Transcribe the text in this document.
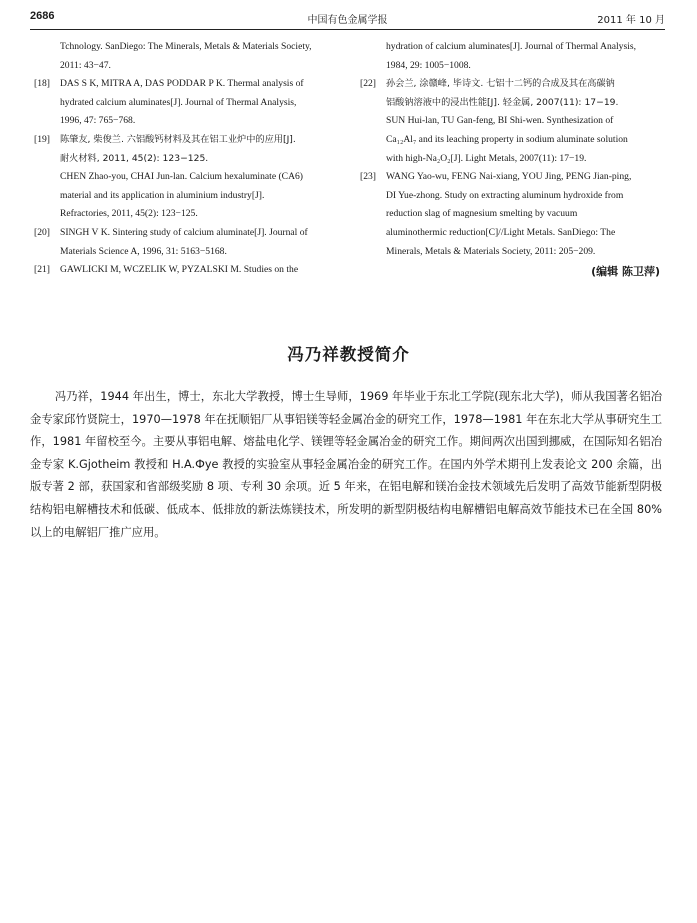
2686	中国有色金属学报	2011 年 10 月
Tchnology. SanDiego: The Minerals, Metals & Materials Society,
2011: 43−47.
[18] DAS S K, MITRA A, DAS PODDAR P K. Thermal analysis of
hydrated calcium aluminates[J]. Journal of Thermal Analysis,
1996, 47: 765−768.
[19] 陈肇友, 柴俊兰. 六铝酸钙材料及其在铝工业炉中的应用[J].
耐火材料, 2011, 45(2): 123−125.
CHEN Zhao-you, CHAI Jun-lan. Calcium hexaluminate (CA6)
material and its application in aluminium industry[J].
Refractories, 2011, 45(2): 123−125.
[20] SINGH V K. Sintering study of calcium aluminate[J]. Journal of
Materials Science A, 1996, 31: 5163−5168.
[21] GAWLICKI M, WCZELIK W, PYZALSKI M. Studies on the
hydration of calcium aluminates[J]. Journal of Thermal Analysis,
1984, 29: 1005−1008.
[22] 孙会兰, 涂赣峰, 毕诗文. 七铝十二钙的合成及其在高碳钠
铝酸钠溶液中的浸出性能[J]. 轻金属, 2007(11): 17−19.
SUN Hui-lan, TU Gan-feng, BI Shi-wen. Synthesization of
Ca₁₂Al₇ and its leaching property in sodium aluminate solution
with high-Na₂O₂[J]. Light Metals, 2007(11): 17−19.
[23] WANG Yao-wu, FENG Nai-xiang, YOU Jing, PENG Jian-ping,
DI Yue-zhong. Study on extracting aluminum hydroxide from
reduction slag of magnesium smelting by vacuum
aluminothermic reduction[C]//Light Metals. SanDiego: The
Minerals, Metals & Materials Society, 2011: 205−209.
(编辑 陈卫萍)
冯乃祥教授简介

冯乃祥，1944 年出生，博士，东北大学教授，博士生导师，1969 年毕业于东北工学院(现东北大学)，师从我国著名铝冶金专家邱竹贤院士，1970—1978 年在抚顺铝厂从事铝镁等轻金属冶金的研究工作，1978—1981 年在东北大学从事研究生工作，1981 年留校至今。主要从事铝电解、熔盐电化学、镁锂等轻金属冶金的研究工作。期间两次出国到挪威，在国际知名铝冶金专家 K.Gjotheim 教授和 H.A.Фye 教授的实验室从事轻金属冶金的研究工作。在国内外学术期刊上发表论文 200 余篇，出版专著 2 部，获国家和省部级奖励 8 项、专利 30 余项。近 5 年来，在铝电解和镁冶金技术领域先后发明了高效节能新型阴极结构铝电解槽技术和低碳、低成本、低排放的新法炼镁技术，所发明的新型阴极结构电解槽铝电解高效节能技术已在全国 80%以上的电解铝厂推广应用。
